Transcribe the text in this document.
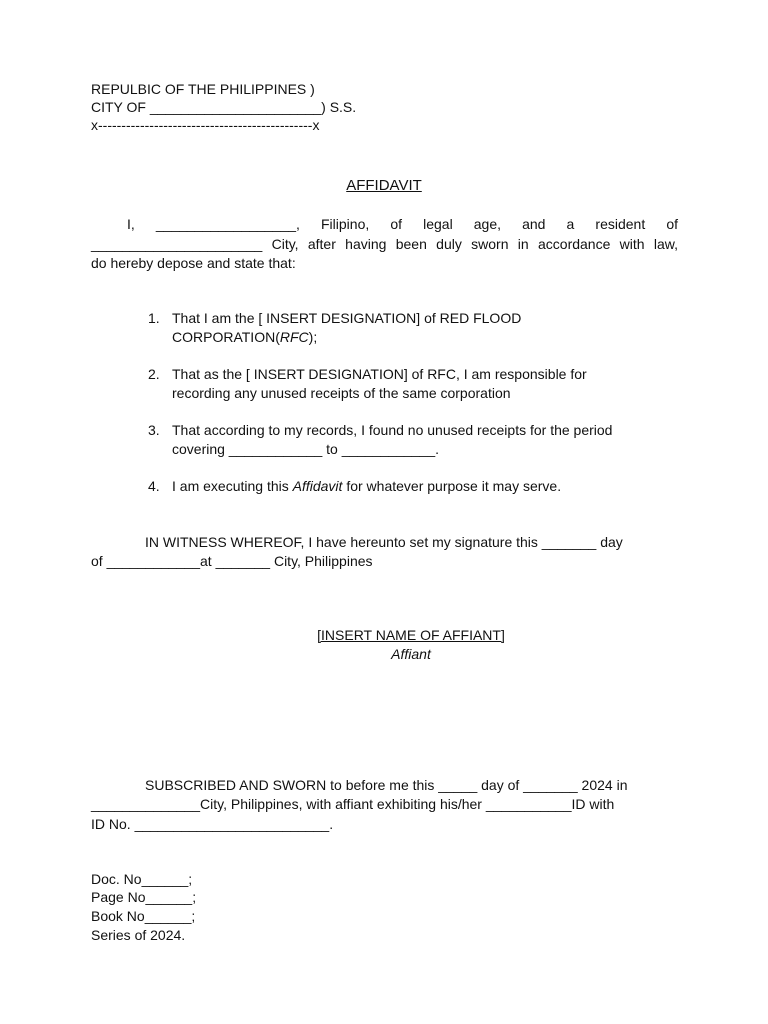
REPULBIC OF THE PHILIPPINES )
CITY OF ______________________) S.S.
x----------------------------------------------x
AFFIDAVIT
I, __________________, Filipino, of legal age, and a resident of
______________________ City, after having been duly sworn in accordance with law,
do hereby depose and state that:
1. That I am the [ INSERT DESIGNATION] of RED FLOOD
CORPORATION(RFC);
2. That as the [ INSERT DESIGNATION] of RFC, I am responsible for
recording any unused receipts of the same corporation
3. That according to my records, I found no unused receipts for the period
covering ____________ to ____________.
4. I am executing this Affidavit for whatever purpose it may serve.
IN WITNESS WHEREOF, I have hereunto set my signature this _______ day
of ____________at _______ City, Philippines
[INSERT NAME OF AFFIANT]
Affiant
SUBSCRIBED AND SWORN to before me this _____ day of _______ 2024 in
______________City, Philippines, with affiant exhibiting his/her ___________ID with
ID No. _________________________.
Doc. No______;
Page No______;
Book No______;
Series of 2024.
